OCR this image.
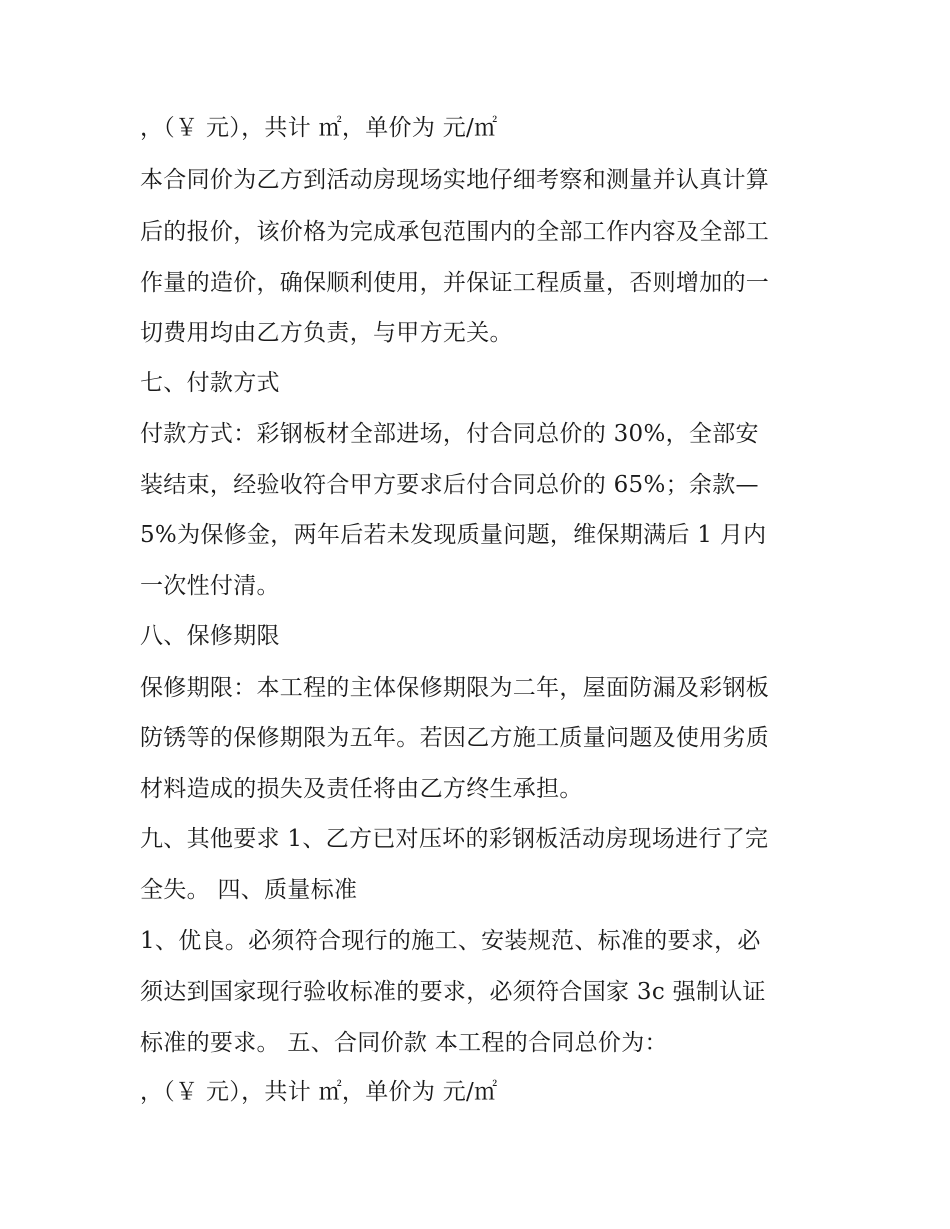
，（￥ 元），共计 ㎡，单价为 元/㎡
本合同价为乙方到活动房现场实地仔细考察和测量并认真计算
后的报价，该价格为完成承包范围内的全部工作内容及全部工
作量的造价，确保顺利使用，并保证工程质量，否则增加的一
切费用均由乙方负责，与甲方无关。
七、付款方式
付款方式：彩钢板材全部进场，付合同总价的 30%，全部安
装结束，经验收符合甲方要求后付合同总价的 65%；余款—
5%为保修金，两年后若未发现质量问题，维保期满后 1 月内
一次性付清。
八、保修期限
保修期限：本工程的主体保修期限为二年，屋面防漏及彩钢板
防锈等的保修期限为五年。若因乙方施工质量问题及使用劣质
材料造成的损失及责任将由乙方终生承担。
九、其他要求 1、乙方已对压坏的彩钢板活动房现场进行了完
全失。 四、质量标准
1、优良。必须符合现行的施工、安装规范、标准的要求，必
须达到国家现行验收标准的要求，必须符合国家 3c 强制认证
标准的要求。 五、合同价款 本工程的合同总价为：
，（￥ 元），共计 ㎡，单价为 元/㎡
